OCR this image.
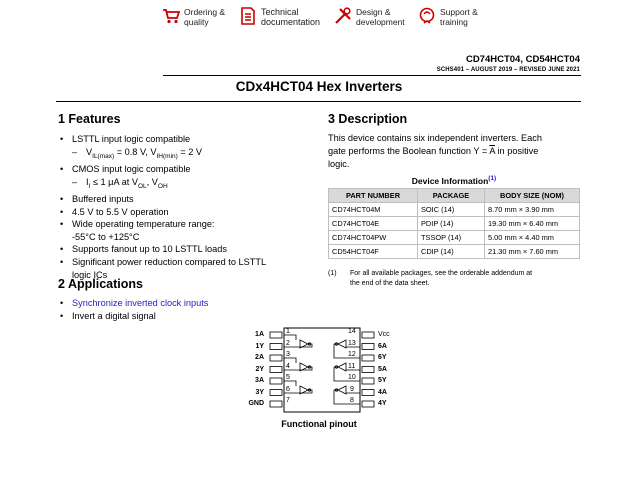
Ordering &
quality
Technical
documentation
Design &
development
Support &
training
CD74HCT04, CD54HCT04
SCHS401 – AUGUST 2019 – REVISED JUNE 2021
CDx4HCT04 Hex Inverters
1 Features
• LSTTL input logic compatible
– $V_{IL(max)} = 0.8$ V, $V_{IH(min)} = 2$ V
• CMOS input logic compatible
– $I_I \le 1$ μA at $V_{OL}$, $V_{OH}$
• Buffered inputs
• 4.5 V to 5.5 V operation
• Wide operating temperature range:
-55°C to +125°C
• Supports fanout up to 10 LSTTL loads
• Significant power reduction compared to LSTTL
logic ICs
2 Applications
• Synchronize inverted clock inputs
• Invert a digital signal
3 Description
This device contains six independent inverters. Each
gate performs the Boolean function $Y = \overline{A}$ in positive
logic.
Device Information$^{(1)}$
PART NUMBER	PACKAGE	BODY SIZE (NOM)
CD74HCT04M	SOIC (14)	8.70 mm × 3.90 mm
CD74HCT04E	PDIP (14)	19.30 mm × 6.40 mm
CD74HCT04PW	TSSOP (14)	5.00 mm × 4.40 mm
CD54HCT04F	CDIP (14)	21.30 mm × 7.60 mm
(1) For all available packages, see the orderable addendum at
the end of the data sheet.
1A
1Y
2A
2Y
3A
3Y
GND
1
2
3
4
5
6
7
14
13
12
11
10
9
8
Vcc
6A
6Y
5A
5Y
4A
4Y
Functional pinout
